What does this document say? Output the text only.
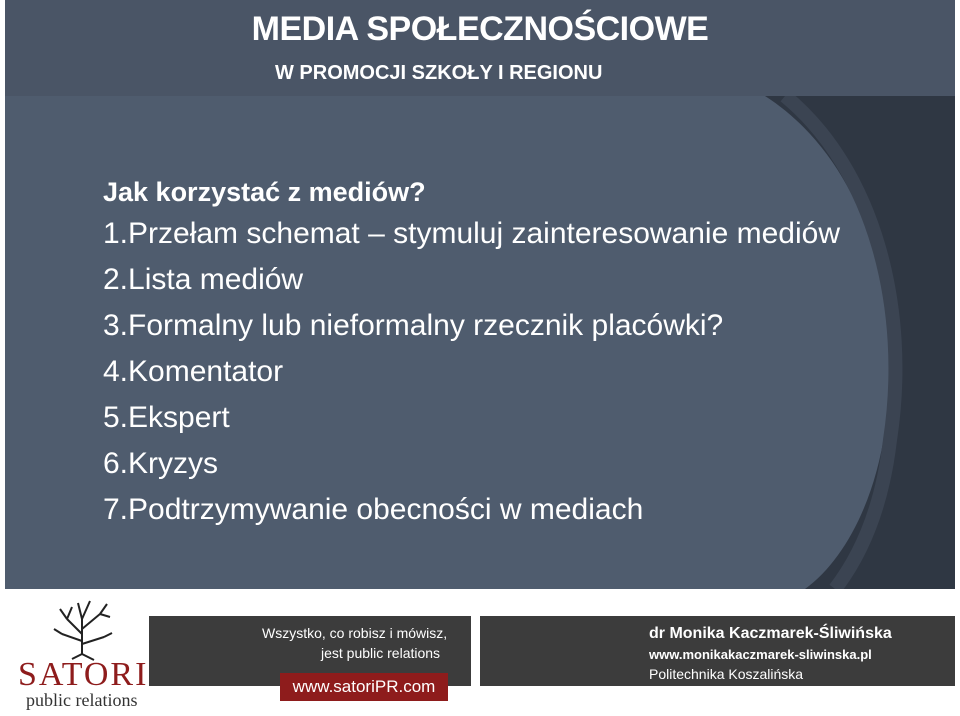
MEDIA SPOŁECZNOŚCIOWE
W PROMOCJI SZKOŁY I REGIONU

Jak korzystać z mediów?

1.Przełam schemat – stymuluj zainteresowanie mediów
2.Lista mediów
3.Formalny lub nieformalny rzecznik placówki?
4.Komentator
5.Ekspert
6.Kryzys
7.Podtrzymywanie obecności w mediach
SATORI
public relations

Wszystko, co robisz i mówisz,

jest public relations

www.satoriPR.com

dr Monika Kaczmarek-Śliwińska

www.monikakaczmarek-sliwinska.pl

Politechnika Koszalińska
